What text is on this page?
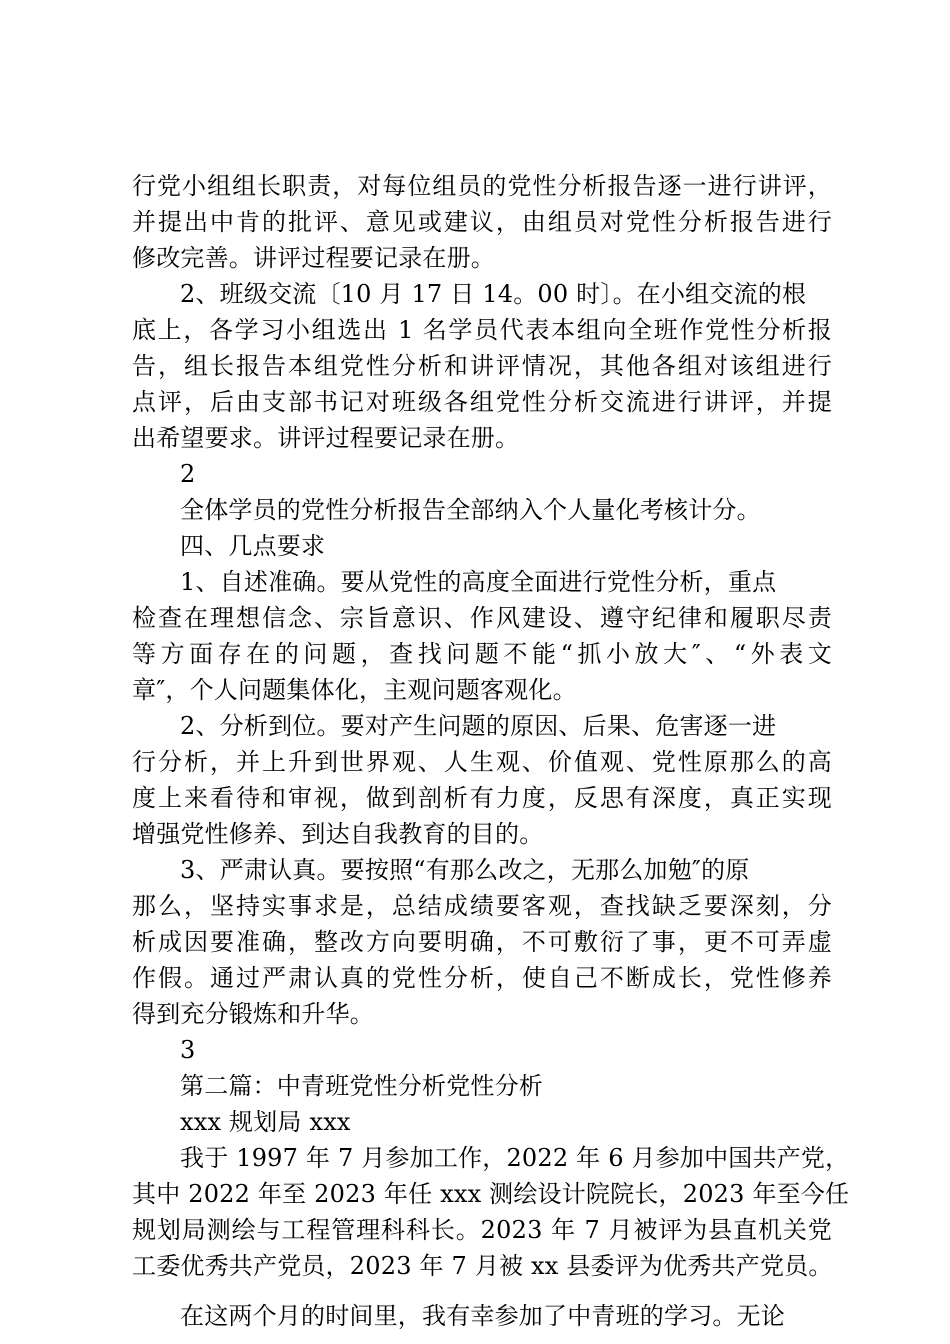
行党小组组长职责，对每位组员的党性分析报告逐一进行讲评，
并提出中肯的批评、意见或建议，由组员对党性分析报告进行
修改完善。讲评过程要记录在册。
2、班级交流〔10 月 17 日 14。00 时〕。在小组交流的根
底上，各学习小组选出 1 名学员代表本组向全班作党性分析报
告，组长报告本组党性分析和讲评情况，其他各组对该组进行
点评，后由支部书记对班级各组党性分析交流进行讲评，并提
出希望要求。讲评过程要记录在册。
2
全体学员的党性分析报告全部纳入个人量化考核计分。
四、几点要求
1、自述准确。要从党性的高度全面进行党性分析，重点
检查在理想信念、宗旨意识、作风建设、遵守纪律和履职尽责
等方面存在的问题，查找问题不能“抓小放大″、“外表文
章″，个人问题集体化，主观问题客观化。
2、分析到位。要对产生问题的原因、后果、危害逐一进
行分析，并上升到世界观、人生观、价值观、党性原那么的高
度上来看待和审视，做到剖析有力度，反思有深度，真正实现
增强党性修养、到达自我教育的目的。
3、严肃认真。要按照“有那么改之，无那么加勉″的原
那么，坚持实事求是，总结成绩要客观，查找缺乏要深刻，分
析成因要准确，整改方向要明确，不可敷衍了事，更不可弄虚
作假。通过严肃认真的党性分析，使自己不断成长，党性修养
得到充分锻炼和升华。
3
第二篇：中青班党性分析党性分析
xxx 规划局 xxx
我于 1997 年 7 月参加工作，2022 年 6 月参加中国共产党，
其中 2022 年至 2023 年任 xxx 测绘设计院院长，2023 年至今任
规划局测绘与工程管理科科长。2023 年 7 月被评为县直机关党
工委优秀共产党员，2023 年 7 月被 xx 县委评为优秀共产党员。
在这两个月的时间里，我有幸参加了中青班的学习。无论
